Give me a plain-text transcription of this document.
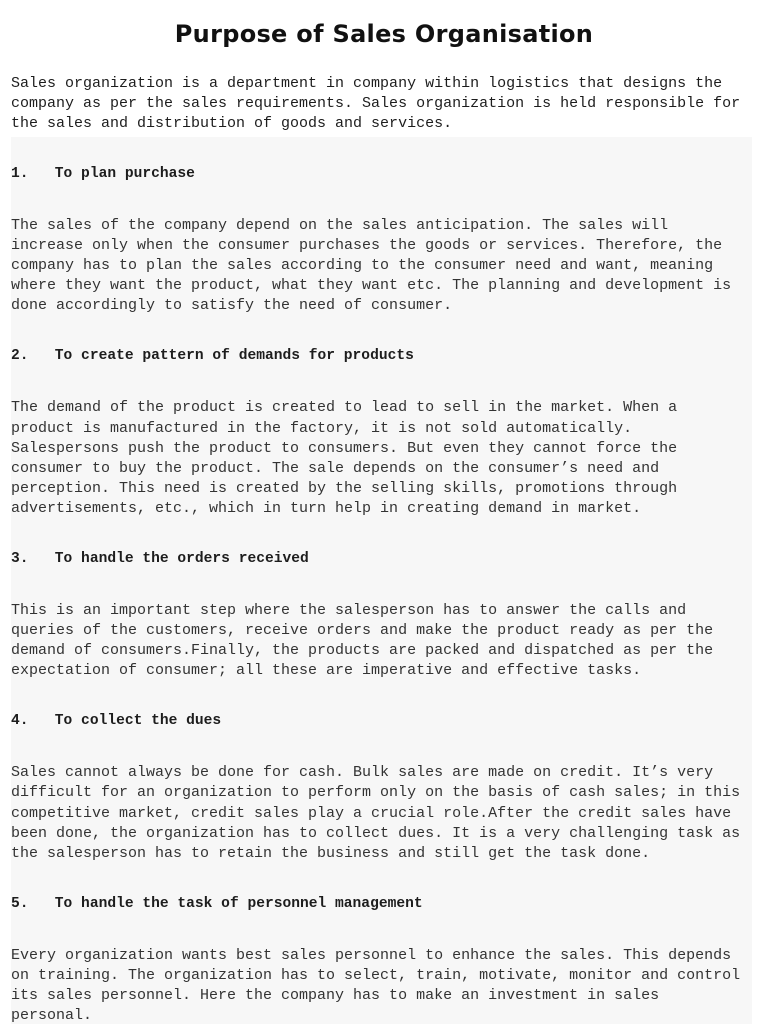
Purpose of Sales Organisation

Sales organization is a department in company within logistics that designs the
company as per the sales requirements. Sales organization is held responsible for
the sales and distribution of goods and services.

1.   To plan purchase
The sales of the company depend on the sales anticipation. The sales will
increase only when the consumer purchases the goods or services. Therefore, the
company has to plan the sales according to the consumer need and want, meaning
where they want the product, what they want etc. The planning and development is
done accordingly to satisfy the need of consumer.
2.   To create pattern of demands for products
The demand of the product is created to lead to sell in the market. When a
product is manufactured in the factory, it is not sold automatically.
Salespersons push the product to consumers. But even they cannot force the
consumer to buy the product. The sale depends on the consumer’s need and
perception. This need is created by the selling skills, promotions through
advertisements, etc., which in turn help in creating demand in market.
3.   To handle the orders received
This is an important step where the salesperson has to answer the calls and
queries of the customers, receive orders and make the product ready as per the
demand of consumers.Finally, the products are packed and dispatched as per the
expectation of consumer; all these are imperative and effective tasks.
4.   To collect the dues
Sales cannot always be done for cash. Bulk sales are made on credit. It’s very
difficult for an organization to perform only on the basis of cash sales; in this
competitive market, credit sales play a crucial role.After the credit sales have
been done, the organization has to collect dues. It is a very challenging task as
the salesperson has to retain the business and still get the task done.
5.   To handle the task of personnel management
Every organization wants best sales personnel to enhance the sales. This depends
on training. The organization has to select, train, motivate, monitor and control
its sales personnel. Here the company has to make an investment in sales
personal.
